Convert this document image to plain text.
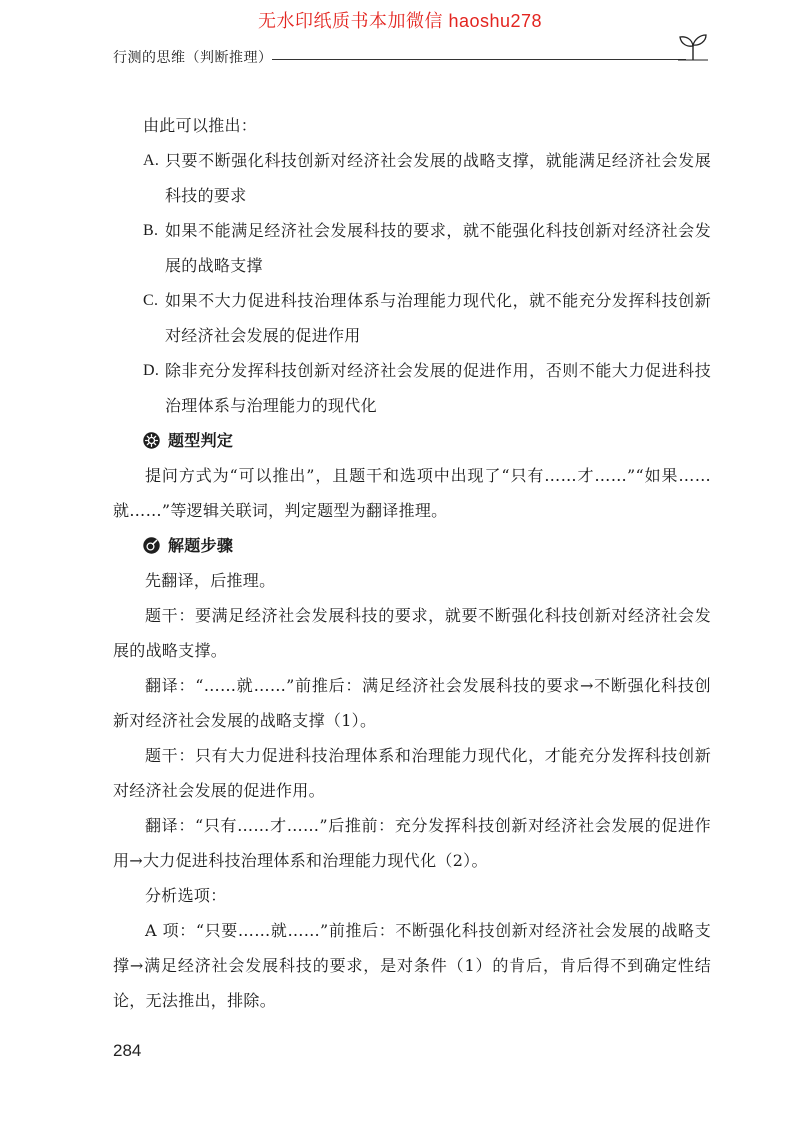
无水印纸质书本加微信 haoshu278
行测的思维（判断推理）
由此可以推出：
A. 只要不断强化科技创新对经济社会发展的战略支撑，就能满足经济社会发展科技的要求
B. 如果不能满足经济社会发展科技的要求，就不能强化科技创新对经济社会发展的战略支撑
C. 如果不大力促进科技治理体系与治理能力现代化，就不能充分发挥科技创新对经济社会发展的促进作用
D. 除非充分发挥科技创新对经济社会发展的促进作用，否则不能大力促进科技治理体系与治理能力的现代化
题型判定
提问方式为“可以推出”，且题干和选项中出现了“只有……才……”“如果……就……”等逻辑关联词，判定题型为翻译推理。
解题步骤
先翻译，后推理。
题干：要满足经济社会发展科技的要求，就要不断强化科技创新对经济社会发展的战略支撑。
翻译：“……就……”前推后：满足经济社会发展科技的要求→不断强化科技创新对经济社会发展的战略支撑（1）。
题干：只有大力促进科技治理体系和治理能力现代化，才能充分发挥科技创新对经济社会发展的促进作用。
翻译：“只有……才……”后推前：充分发挥科技创新对经济社会发展的促进作用→大力促进科技治理体系和治理能力现代化（2）。
分析选项：
A 项：“只要……就……”前推后：不断强化科技创新对经济社会发展的战略支撑→满足经济社会发展科技的要求，是对条件（1）的肯后，肯后得不到确定性结论，无法推出，排除。
284
